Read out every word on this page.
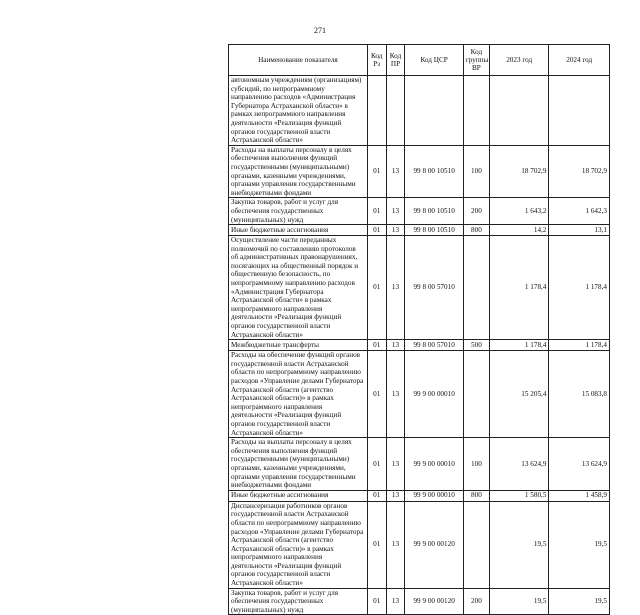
271
Наименование показателя	Код Рз	Код ПР	Код ЦСР	Код группы ВР	2023 год	2024 год
автономным учреждениям (организациям) субсидий, по непрограммному направлению расходов «Администрация Губернатора Астраханской области» в рамках непрограммного направления деятельности «Реализация функций органов государственной власти Астраханской области»						
Расходы на выплаты персоналу в целях обеспечения выполнения функций государственными (муниципальными) органами, казенными учреждениями, органами управления государственными внебюджетными фондами	01	13	99 8 00 10510	100	18 702,9	18 702,9
Закупка товаров, работ и услуг для обеспечения государственных (муниципальных) нужд	01	13	99 8 00 10510	200	1 643,2	1 642,3
Иные бюджетные ассигнования	01	13	99 8 00 10510	800	14,2	13,1
Осуществление части переданных полномочий по составлению протоколов об административных правонарушениях, посягающих на общественный порядок и общественную безопасность, по непрограммному направлению расходов «Администрация Губернатора Астраханской области» в рамках непрограммного направления деятельности «Реализация функций органов государственной власти Астраханской области»	01	13	99 8 00 57010		1 178,4	1 178,4
Межбюджетные трансферты	01	13	99 8 00 57010	500	1 178,4	1 178,4
Расходы на обеспечение функций органов государственной власти Астраханской области по непрограммному направлению расходов «Управление делами Губернатора Астраханской области (агентство Астраханской области)» в рамках непрограммного направления деятельности «Реализация функций органов государственной власти Астраханской области»	01	13	99 9 00 00010		15 205,4	15 083,8
Расходы на выплаты персоналу в целях обеспечения выполнения функций государственными (муниципальными) органами, казенными учреждениями, органами управления государственными внебюджетными фондами	01	13	99 9 00 00010	100	13 624,9	13 624,9
Иные бюджетные ассигнования	01	13	99 9 00 00010	800	1 580,5	1 458,9
Диспансеризация работников органов государственной власти Астраханской области по непрограммному направлению расходов «Управление делами Губернатора Астраханской области (агентство Астраханской области)» в рамках непрограммного направления деятельности «Реализация функций органов государственной власти Астраханской области»	01	13	99 9 00 00120		19,5	19,5
Закупка товаров, работ и услуг для обеспечения государственных (муниципальных) нужд	01	13	99 9 00 00120	200	19,5	19,5
